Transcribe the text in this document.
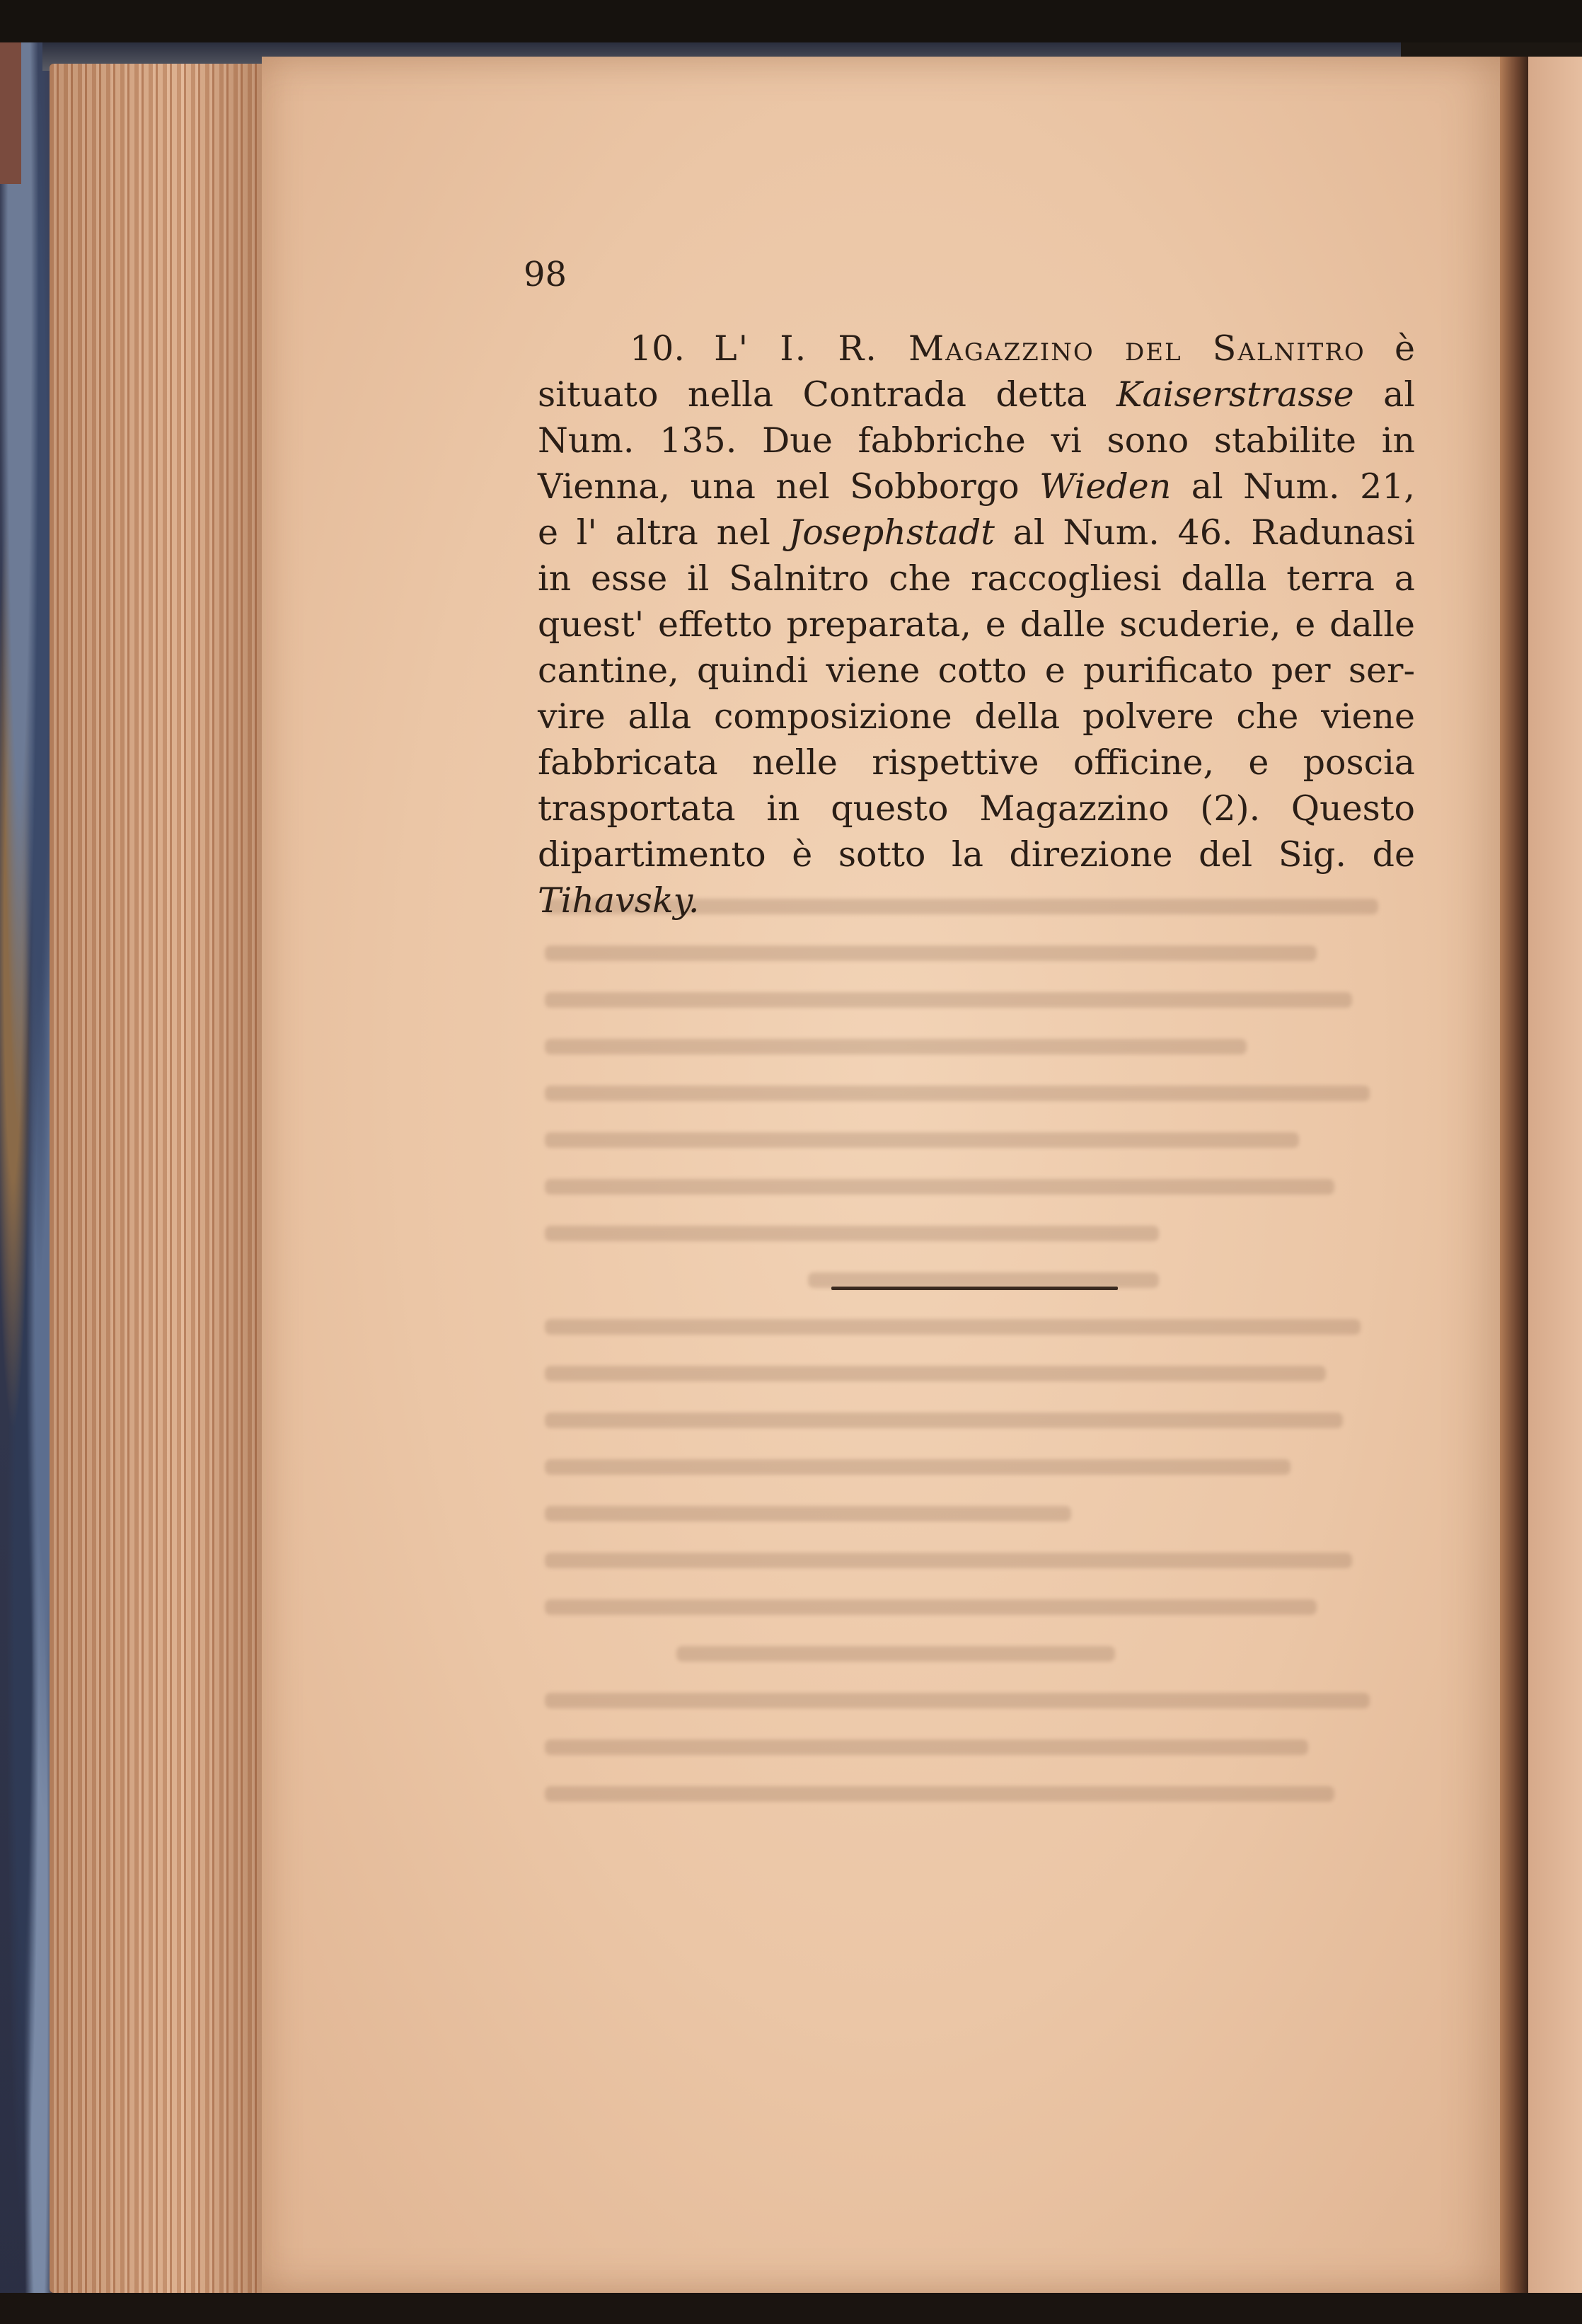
98
10. L' I. R. Magazzino del Salnitro è
situato nella Contrada detta Kaiserstrasse al
Num. 135. Due fabbriche vi sono stabilite in
Vienna, una nel Sobborgo Wieden al Num. 21,
e l' altra nel Josephstadt al Num. 46. Radunasi
in esse il Salnitro che raccogliesi dalla terra a
quest' effetto preparata, e dalle scuderie, e dalle
cantine, quindi viene cotto e purificato per ser-
vire alla composizione della polvere che viene
fabbricata nelle rispettive officine, e poscia
trasportata in questo Magazzino (2). Questo
dipartimento è sotto la direzione del Sig. de
Tihavsky.
